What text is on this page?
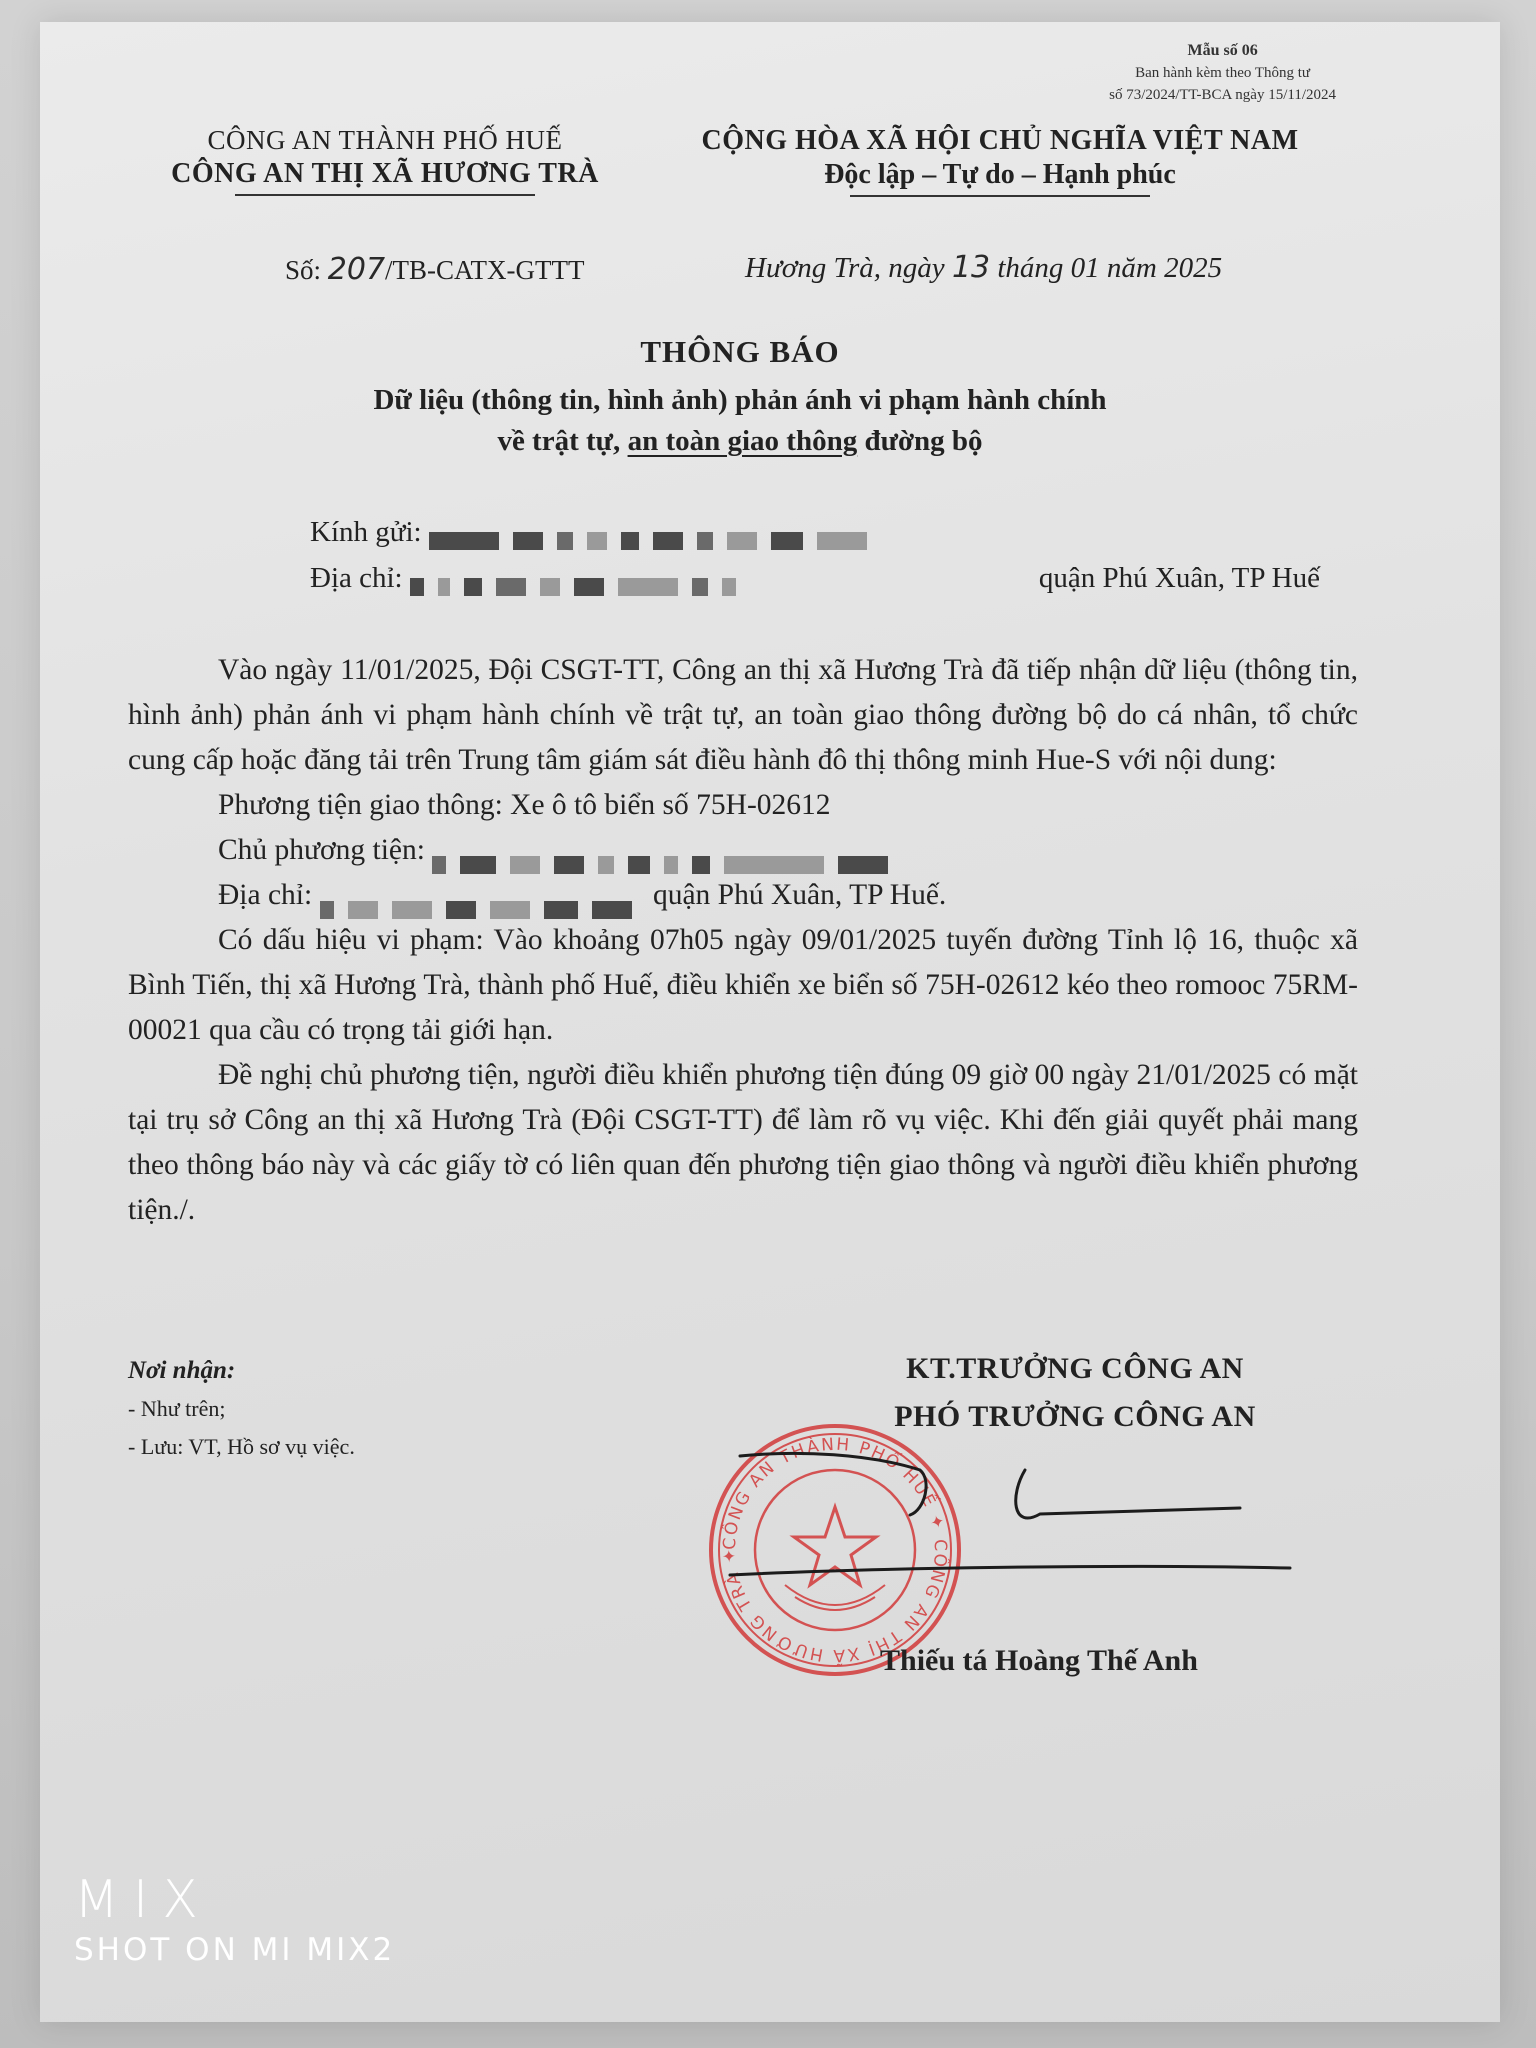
Mẫu số 06
Ban hành kèm theo Thông tư
số 73/2024/TT-BCA ngày 15/11/2024
CÔNG AN THÀNH PHỐ HUẾ
CÔNG AN THỊ XÃ HƯƠNG TRÀ
CỘNG HÒA XÃ HỘI CHỦ NGHĨA VIỆT NAM
Độc lập – Tự do – Hạnh phúc
Số: 207/TB-CATX-GTTT	Hương Trà, ngày 13 tháng 01 năm 2025
THÔNG BÁO
Dữ liệu (thông tin, hình ảnh) phản ánh vi phạm hành chính
về trật tự, an toàn giao thông đường bộ
Kính gửi:
Địa chỉ:	quận Phú Xuân, TP Huế

Vào ngày 11/01/2025, Đội CSGT-TT, Công an thị xã Hương Trà đã tiếp nhận dữ liệu (thông tin, hình ảnh) phản ánh vi phạm hành chính về trật tự, an toàn giao thông đường bộ do cá nhân, tổ chức cung cấp hoặc đăng tải trên Trung tâm giám sát điều hành đô thị thông minh Hue-S với nội dung:

Phương tiện giao thông: Xe ô tô biển số 75H-02612
Chủ phương tiện:
Địa chỉ:	quận Phú Xuân, TP Huế.

Có dấu hiệu vi phạm: Vào khoảng 07h05 ngày 09/01/2025 tuyến đường Tỉnh lộ 16, thuộc xã Bình Tiến, thị xã Hương Trà, thành phố Huế, điều khiển xe biển số 75H-02612 kéo theo romooc 75RM-00021 qua cầu có trọng tải giới hạn.

Đề nghị chủ phương tiện, người điều khiển phương tiện đúng 09 giờ 00 ngày 21/01/2025 có mặt tại trụ sở Công an thị xã Hương Trà (Đội CSGT-TT) để làm rõ vụ việc. Khi đến giải quyết phải mang theo thông báo này và các giấy tờ có liên quan đến phương tiện giao thông và người điều khiển phương tiện./.

Nơi nhận:
- Như trên;
- Lưu: VT, Hồ sơ vụ việc.
KT.TRƯỞNG CÔNG AN
PHÓ TRƯỞNG CÔNG AN
CÔNG AN THÀNH PHỐ HUẾ ✦ CÔNG AN THỊ XÃ HƯƠNG TRÀ ✦
Thiếu tá Hoàng Thế Anh
MIX
SHOT ON MI MIX2
